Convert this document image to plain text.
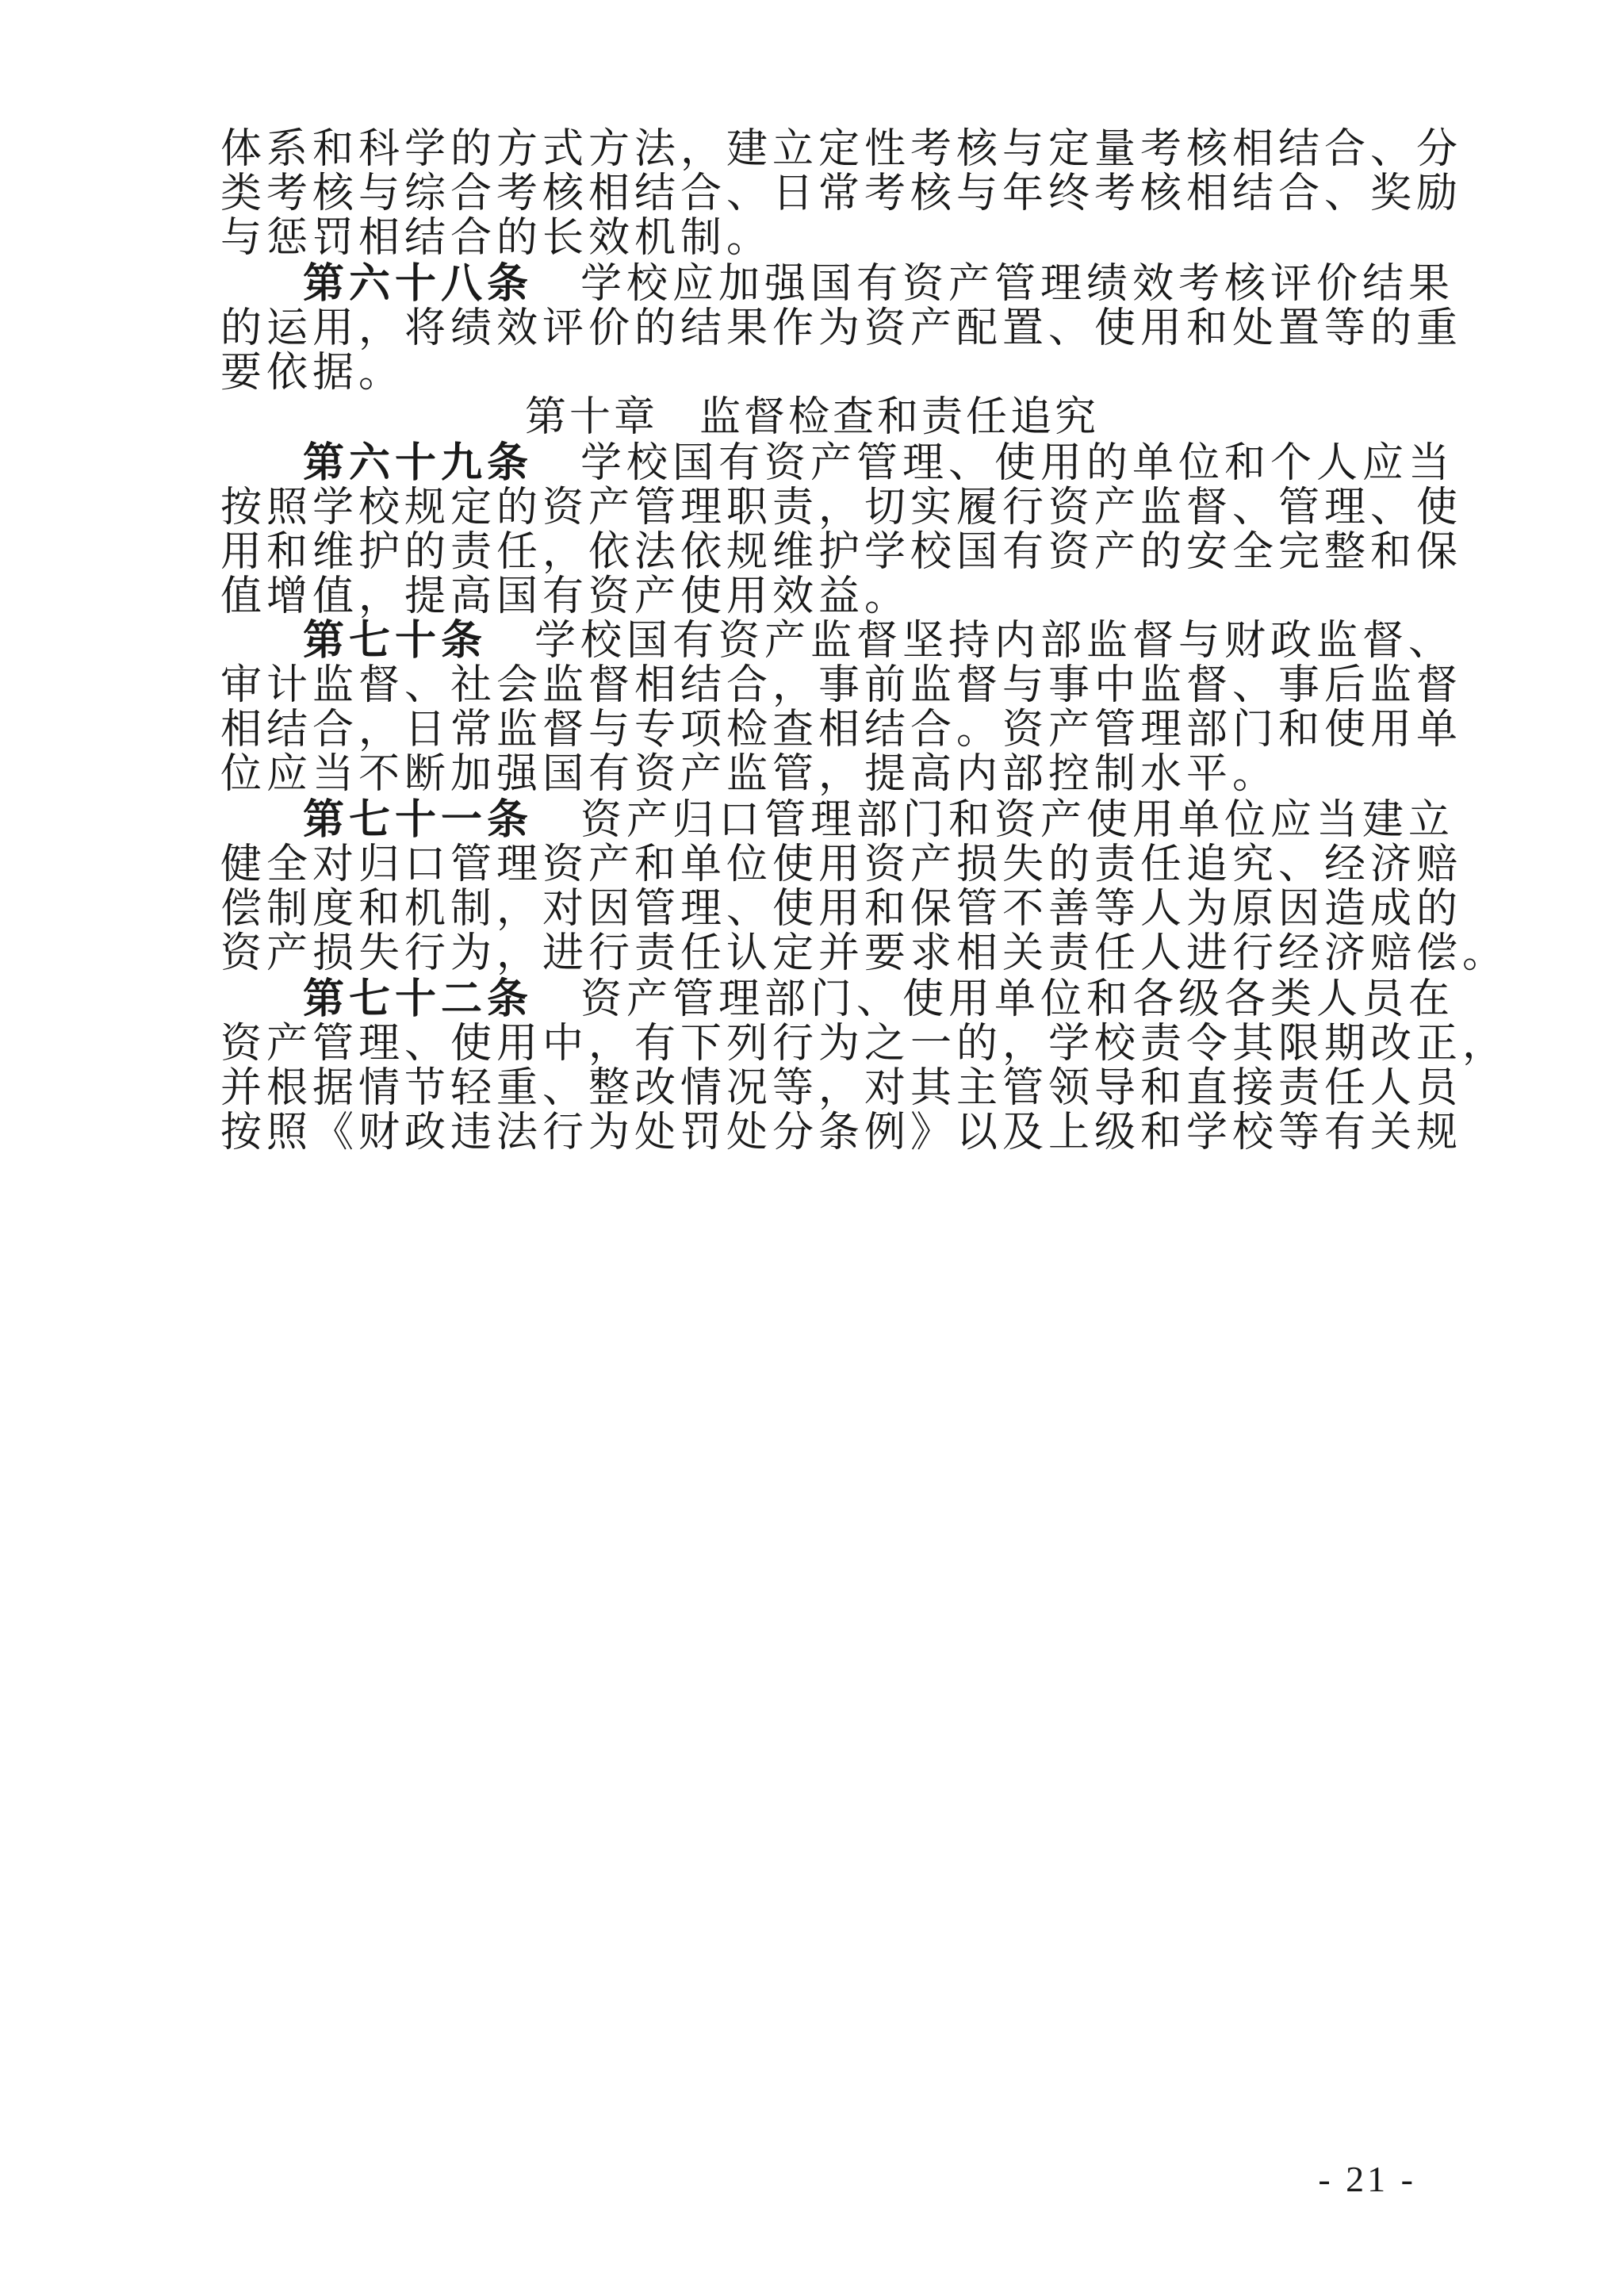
体系和科学的方式方法，建立定性考核与定量考核相结合、分
类考核与综合考核相结合、日常考核与年终考核相结合、奖励
与惩罚相结合的长效机制。
第六十八条 学校应加强国有资产管理绩效考核评价结果
的运用，将绩效评价的结果作为资产配置、使用和处置等的重
要依据。
第十章 监督检查和责任追究
第六十九条 学校国有资产管理、使用的单位和个人应当
按照学校规定的资产管理职责，切实履行资产监督、管理、使
用和维护的责任，依法依规维护学校国有资产的安全完整和保
值增值，提高国有资产使用效益。
第七十条 学校国有资产监督坚持内部监督与财政监督、
审计监督、社会监督相结合，事前监督与事中监督、事后监督
相结合，日常监督与专项检查相结合。资产管理部门和使用单
位应当不断加强国有资产监管，提高内部控制水平。
第七十一条 资产归口管理部门和资产使用单位应当建立
健全对归口管理资产和单位使用资产损失的责任追究、经济赔
偿制度和机制，对因管理、使用和保管不善等人为原因造成的
资产损失行为，进行责任认定并要求相关责任人进行经济赔偿。
第七十二条 资产管理部门、使用单位和各级各类人员在
资产管理、使用中，有下列行为之一的，学校责令其限期改正，
并根据情节轻重、整改情况等，对其主管领导和直接责任人员
按照《财政违法行为处罚处分条例》以及上级和学校等有关规
- 21 -
